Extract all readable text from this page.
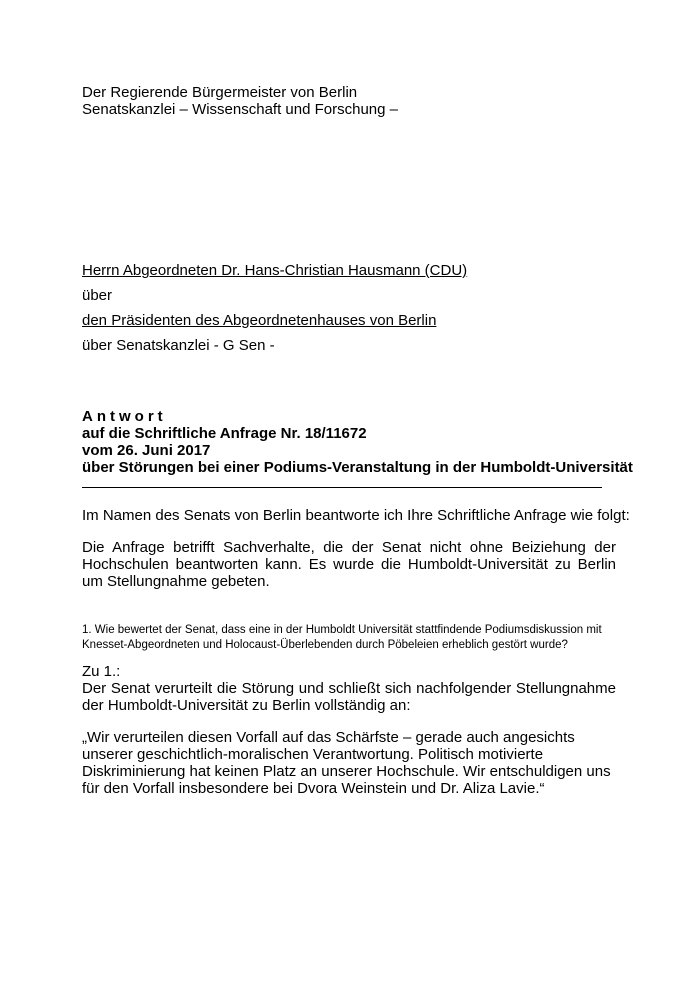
Der Regierende Bürgermeister von Berlin
Senatskanzlei – Wissenschaft und Forschung –
Herrn Abgeordneten Dr. Hans-Christian Hausmann (CDU)
über
den Präsidenten des Abgeordnetenhauses von Berlin
über Senatskanzlei - G Sen -
Antwort
auf die Schriftliche Anfrage Nr. 18/11672
vom 26. Juni 2017
über Störungen bei einer Podiums-Veranstaltung in der Humboldt-Universität
Im Namen des Senats von Berlin beantworte ich Ihre Schriftliche Anfrage wie folgt:
Die Anfrage betrifft Sachverhalte, die der Senat nicht ohne Beiziehung der Hochschulen beantworten kann. Es wurde die Humboldt-Universität zu Berlin um Stellungnahme gebeten.
1. Wie bewertet der Senat, dass eine in der Humboldt Universität stattfindende Podiumsdiskussion mit Knesset-Abgeordneten und Holocaust-Überlebenden durch Pöbeleien erheblich gestört wurde?
Zu 1.:
Der Senat verurteilt die Störung und schließt sich nachfolgender Stellungnahme der Humboldt-Universität zu Berlin vollständig an:
„Wir verurteilen diesen Vorfall auf das Schärfste – gerade auch angesichts unserer geschichtlich-moralischen Verantwortung. Politisch motivierte Diskriminierung hat keinen Platz an unserer Hochschule. Wir entschuldigen uns für den Vorfall insbesondere bei Dvora Weinstein und Dr. Aliza Lavie.“
